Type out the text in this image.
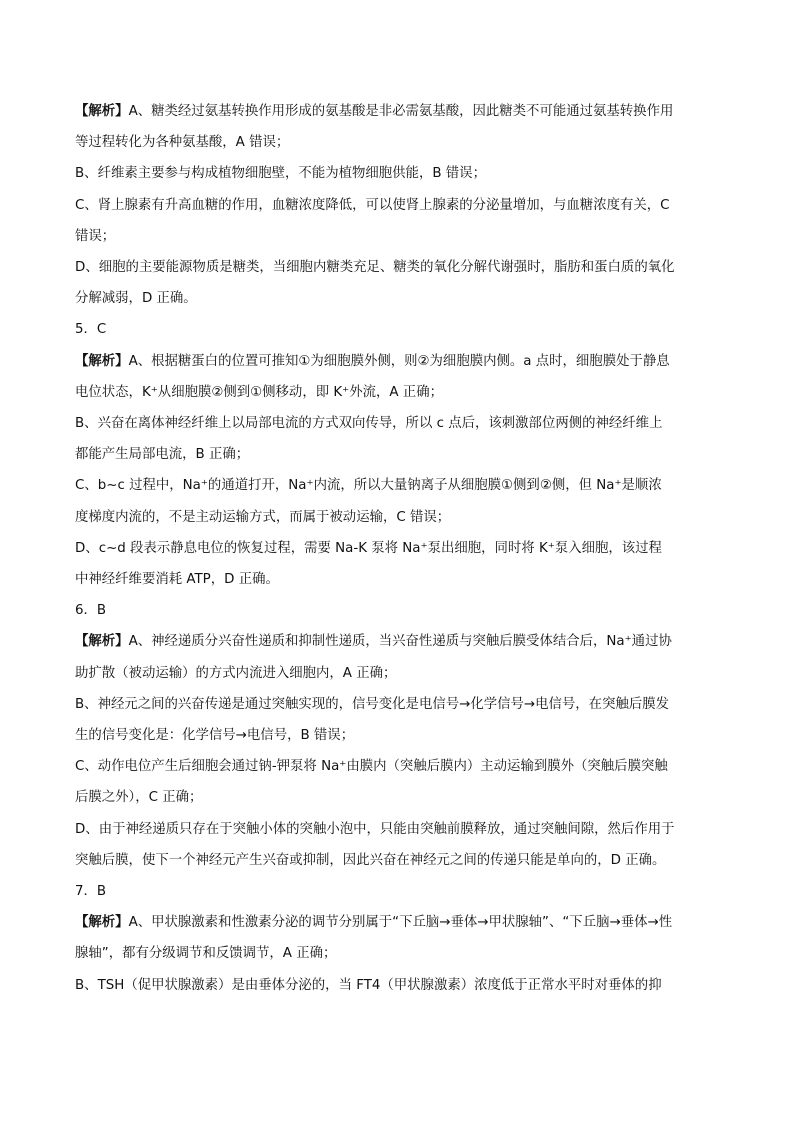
【解析】A、糖类经过氨基转换作用形成的氨基酸是非必需氨基酸，因此糖类不可能通过氨基转换作用等过程转化为各种氨基酸，A 错误；
B、纤维素主要参与构成植物细胞壁，不能为植物细胞供能，B 错误；
C、肾上腺素有升高血糖的作用，血糖浓度降低，可以使肾上腺素的分泌量增加，与血糖浓度有关，C 错误；
D、细胞的主要能源物质是糖类，当细胞内糖类充足、糖类的氧化分解代谢强时，脂肪和蛋白质的氧化分解减弱，D 正确。
5．C
【解析】A、根据糖蛋白的位置可推知①为细胞膜外侧，则②为细胞膜内侧。a 点时，细胞膜处于静息电位状态，K⁺从细胞膜②侧到①侧移动，即 K⁺外流，A 正确；
B、兴奋在离体神经纤维上以局部电流的方式双向传导，所以 c 点后，该刺激部位两侧的神经纤维上都能产生局部电流，B 正确；
C、b~c 过程中，Na⁺的通道打开，Na⁺内流，所以大量钠离子从细胞膜①侧到②侧，但 Na⁺是顺浓度梯度内流的，不是主动运输方式，而属于被动运输，C 错误；
D、c~d 段表示静息电位的恢复过程，需要 Na-K 泵将 Na⁺泵出细胞，同时将 K⁺泵入细胞，该过程中神经纤维要消耗 ATP，D 正确。
6．B
【解析】A、神经递质分兴奋性递质和抑制性递质，当兴奋性递质与突触后膜受体结合后，Na⁺通过协助扩散（被动运输）的方式内流进入细胞内，A 正确；
B、神经元之间的兴奋传递是通过突触实现的，信号变化是电信号→化学信号→电信号，在突触后膜发生的信号变化是：化学信号→电信号，B 错误；
C、动作电位产生后细胞会通过钠-钾泵将 Na⁺由膜内（突触后膜内）主动运输到膜外（突触后膜突触后膜之外），C 正确；
D、由于神经递质只存在于突触小体的突触小泡中，只能由突触前膜释放，通过突触间隙，然后作用于突触后膜，使下一个神经元产生兴奋或抑制，因此兴奋在神经元之间的传递只能是单向的，D 正确。
7．B
【解析】A、甲状腺激素和性激素分泌的调节分别属于“下丘脑→垂体→甲状腺轴”、“下丘脑→垂体→性腺轴”，都有分级调节和反馈调节，A 正确；
B、TSH（促甲状腺激素）是由垂体分泌的，当 FT4（甲状腺激素）浓度低于正常水平时对垂体的抑
